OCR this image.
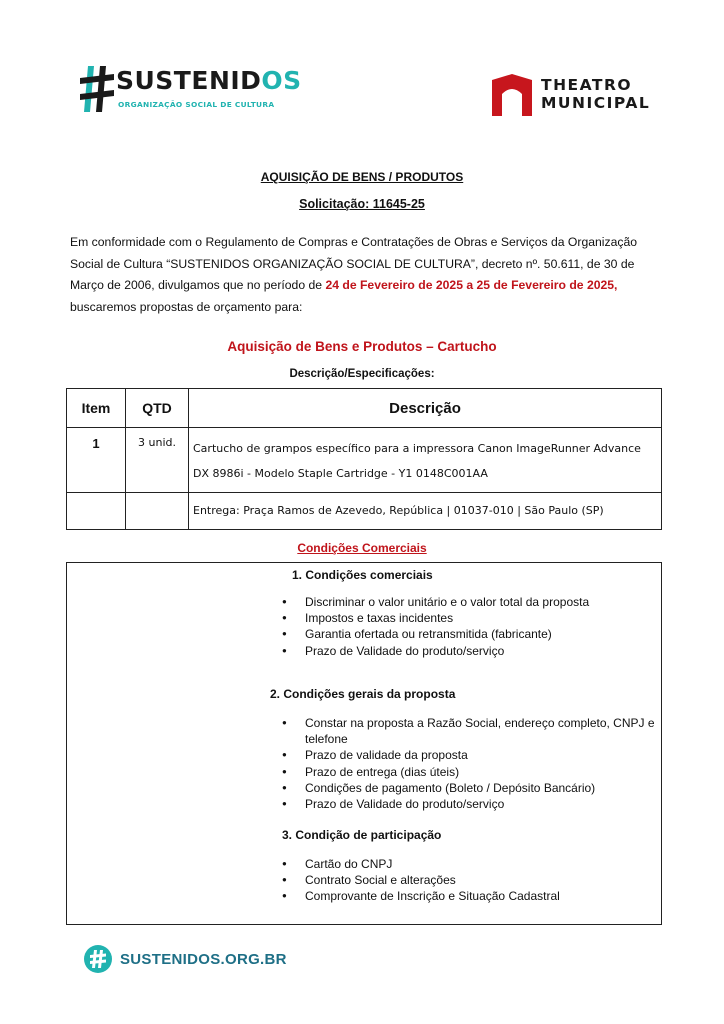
SUSTENIDOS
ORGANIZAÇÃO SOCIAL DE CULTURA
THEATRO
MUNICIPAL
AQUISIÇÃO DE BENS / PRODUTOS
Solicitação: 11645-25
Em conformidade com o Regulamento de Compras e Contratações de Obras e Serviços da Organização Social de Cultura “SUSTENIDOS ORGANIZAÇÃO SOCIAL DE CULTURA”, decreto nº. 50.611, de 30 de Março de 2006, divulgamos que no período de 24 de Fevereiro de 2025 a 25 de Fevereiro de 2025, buscaremos propostas de orçamento para:
Aquisição de Bens e Produtos – Cartucho
Descrição/Especificações:
Item	QTD	Descrição
1	3 unid.	Cartucho de grampos específico para a impressora Canon ImageRunner Advance DX 8986i - Modelo Staple Cartridge - Y1 0148C001AA
		Entrega: Praça Ramos de Azevedo, República | 01037-010 | São Paulo (SP)
Condições Comerciais
1. Condições comerciais
● Discriminar o valor unitário e o valor total da proposta
● Impostos e taxas incidentes
● Garantia ofertada ou retransmitida (fabricante)
● Prazo de Validade do produto/serviço
2. Condições gerais da proposta
● Constar na proposta a Razão Social, endereço completo, CNPJ e telefone
● Prazo de validade da proposta
● Prazo de entrega (dias úteis)
● Condições de pagamento (Boleto / Depósito Bancário)
● Prazo de Validade do produto/serviço
3. Condição de participação
● Cartão do CNPJ
● Contrato Social e alterações
● Comprovante de Inscrição e Situação Cadastral
SUSTENIDOS.ORG.BR
